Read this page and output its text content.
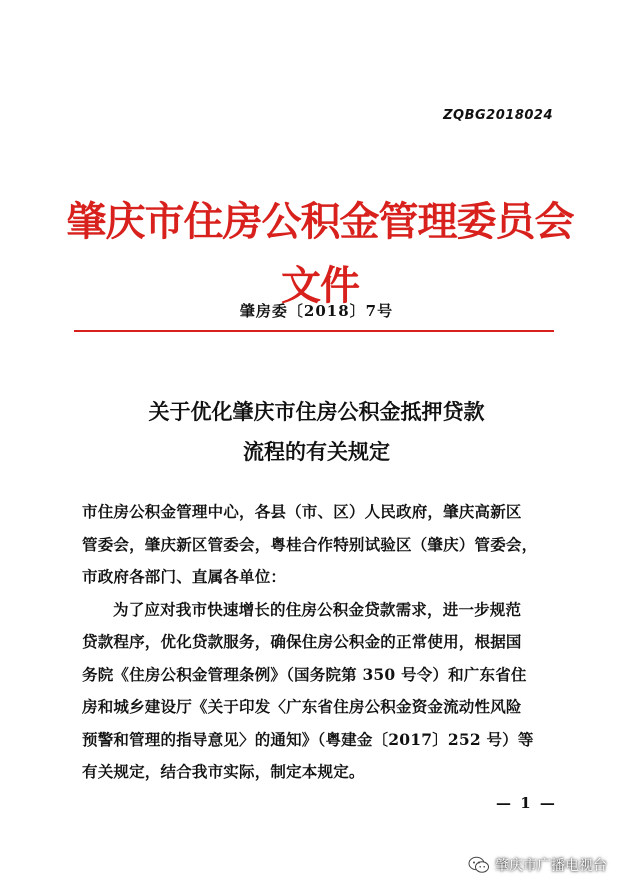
ZQBG2018024
肇庆市住房公积金管理委员会文件
肇房委〔2018〕7号
关于优化肇庆市住房公积金抵押贷款
流程的有关规定

市住房公积金管理中心，各县（市、区）人民政府，肇庆高新区

管委会，肇庆新区管委会，粤桂合作特别试验区（肇庆）管委会，

市政府各部门、直属各单位：

为了应对我市快速增长的住房公积金贷款需求，进一步规范

贷款程序，优化贷款服务，确保住房公积金的正常使用，根据国

务院《住房公积金管理条例》（国务院第 350 号令）和广东省住

房和城乡建设厅《关于印发〈广东省住房公积金资金流动性风险

预警和管理的指导意见〉的通知》（粤建金〔2017〕252 号）等

有关规定，结合我市实际，制定本规定。

— 1 —
肇庆市广播电视台
